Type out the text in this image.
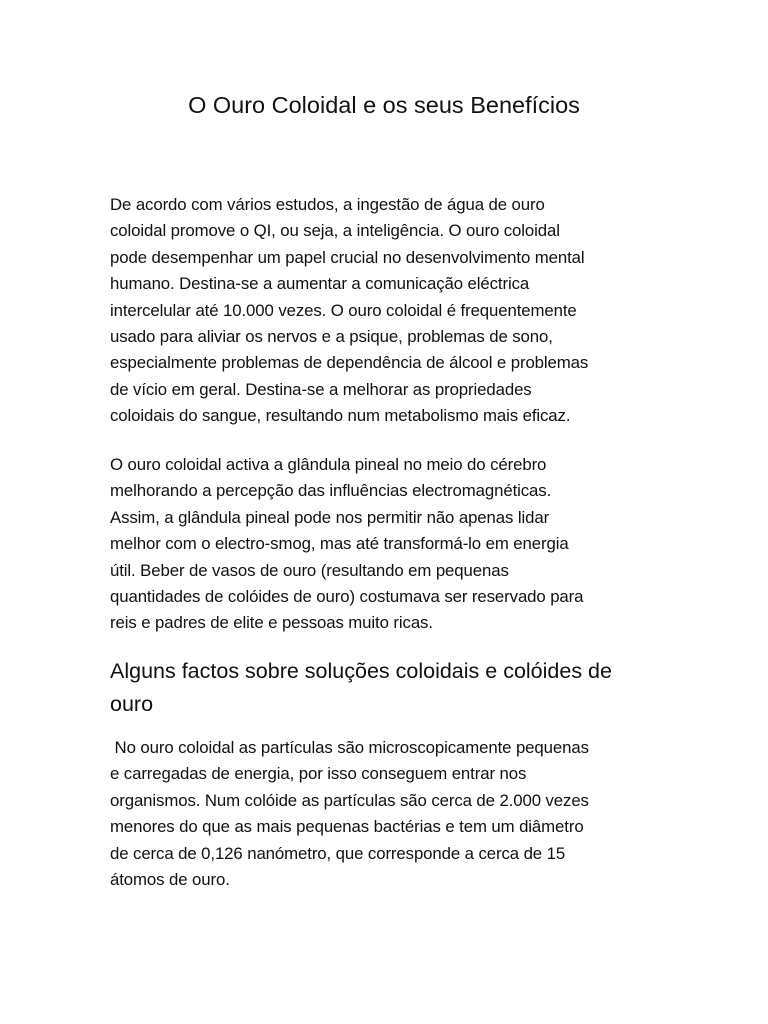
O Ouro Coloidal e os seus Benefícios

De acordo com vários estudos, a ingestão de água de ouro
coloidal promove o QI, ou seja, a inteligência. O ouro coloidal
pode desempenhar um papel crucial no desenvolvimento mental
humano. Destina-se a aumentar a comunicação eléctrica
intercelular até 10.000 vezes. O ouro coloidal é frequentemente
usado para aliviar os nervos e a psique, problemas de sono,
especialmente problemas de dependência de álcool e problemas
de vício em geral. Destina-se a melhorar as propriedades
coloidais do sangue, resultando num metabolismo mais eficaz.

O ouro coloidal activa a glândula pineal no meio do cérebro
melhorando a percepção das influências electromagnéticas.
Assim, a glândula pineal pode nos permitir não apenas lidar
melhor com o electro-smog, mas até transformá-lo em energia
útil. Beber de vasos de ouro (resultando em pequenas
quantidades de colóides de ouro) costumava ser reservado para
reis e padres de elite e pessoas muito ricas.

Alguns factos sobre soluções coloidais e colóides de
ouro

No ouro coloidal as partículas são microscopicamente pequenas
e carregadas de energia, por isso conseguem entrar nos
organismos. Num colóide as partículas são cerca de 2.000 vezes
menores do que as mais pequenas bactérias e tem um diâmetro
de cerca de 0,126 nanómetro, que corresponde a cerca de 15
átomos de ouro.
